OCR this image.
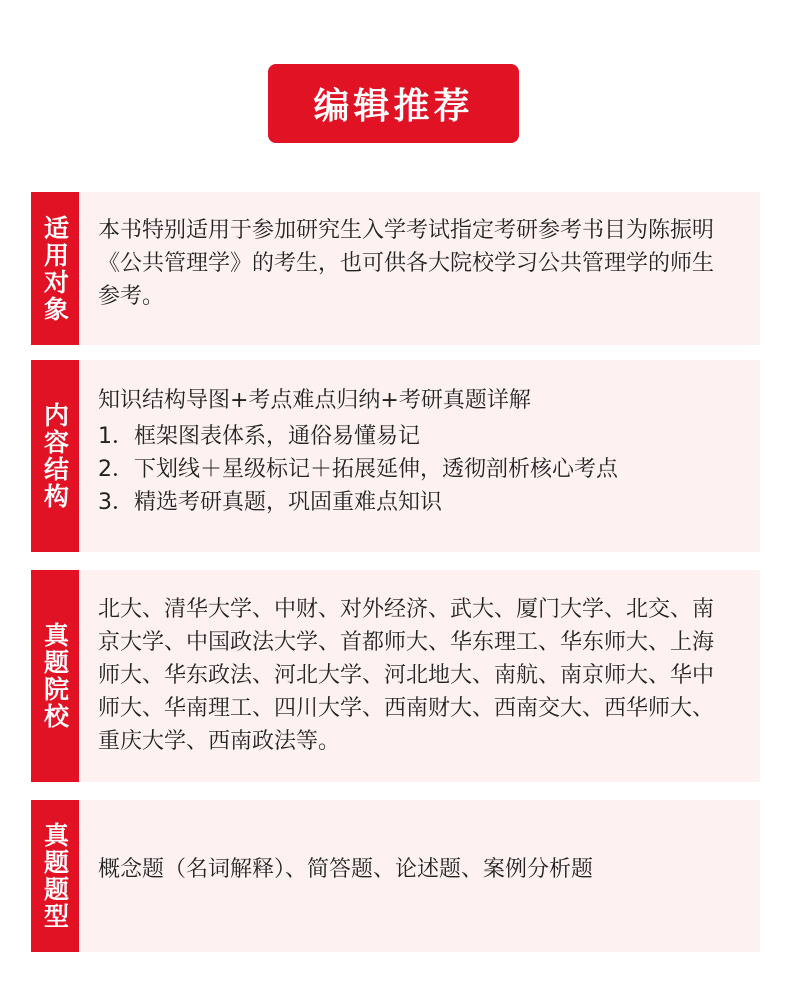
编辑推荐
适用对象 本书特别适用于参加研究生入学考试指定考研参考书目为陈振明《公共管理学》的考生，也可供各大院校学习公共管理学的师生参考。

内容结构

知识结构导图+考点难点归纳+考研真题详解

1．框架图表体系，通俗易懂易记
2．下划线＋星级标记＋拓展延伸，透彻剖析核心考点
3．精选考研真题，巩固重难点知识
真题院校

北大、清华大学、中财、对外经济、武大、厦门大学、北交、南京大学、中国政法大学、首都师大、华东理工、华东师大、上海师大、华东政法、河北大学、河北地大、南航、南京师大、华中师大、华南理工、四川大学、西南财大、西南交大、西华师大、重庆大学、西南政法等。

真题题型 概念题（名词解释）、简答题、论述题、案例分析题
